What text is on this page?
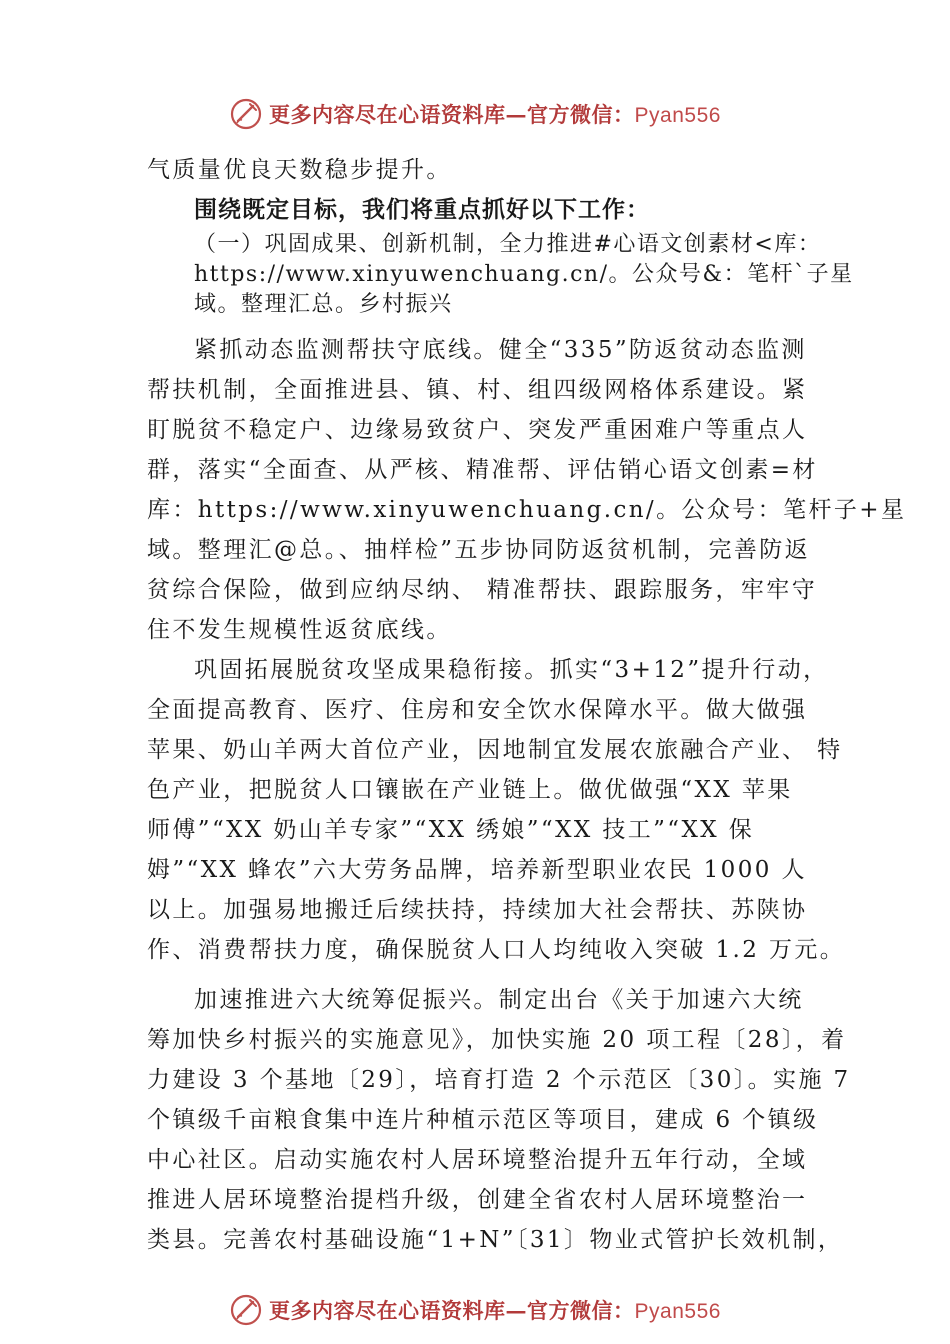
更多内容尽在心语资料库—官方微信：Pyan556
气质量优良天数稳步提升。
围绕既定目标，我们将重点抓好以下工作：
（一）巩固成果、创新机制，全力推进#心语文创素材<库：
https://www.xinyuwenchuang.cn/。公众号&：笔杆`子星
域。整理汇总。乡村振兴
紧抓动态监测帮扶守底线。健全“335”防返贫动态监测
帮扶机制，全面推进县、镇、村、组四级网格体系建设。紧
盯脱贫不稳定户、边缘易致贫户、突发严重困难户等重点人
群，落实“全面查、从严核、精准帮、评估销心语文创素=材
库：https://www.xinyuwenchuang.cn/。公众号：笔杆子+星
域。整理汇@总。、抽样检”五步协同防返贫机制，完善防返
贫综合保险，做到应纳尽纳、 精准帮扶、跟踪服务，牢牢守
住不发生规模性返贫底线。
巩固拓展脱贫攻坚成果稳衔接。抓实“3+12”提升行动，
全面提高教育、医疗、住房和安全饮水保障水平。做大做强
苹果、奶山羊两大首位产业，因地制宜发展农旅融合产业、 特
色产业，把脱贫人口镶嵌在产业链上。做优做强“XX 苹果
师傅”“XX 奶山羊专家”“XX 绣娘”“XX 技工”“XX 保
姆”“XX 蜂农”六大劳务品牌，培养新型职业农民 1000 人
以上。加强易地搬迁后续扶持，持续加大社会帮扶、苏陕协
作、消费帮扶力度，确保脱贫人口人均纯收入突破 1.2 万元。
加速推进六大统筹促振兴。制定出台《关于加速六大统
筹加快乡村振兴的实施意见》，加快实施 20 项工程〔28〕，着
力建设 3 个基地〔29〕，培育打造 2 个示范区〔30〕。实施 7
个镇级千亩粮食集中连片种植示范区等项目，建成 6 个镇级
中心社区。启动实施农村人居环境整治提升五年行动，全域
推进人居环境整治提档升级，创建全省农村人居环境整治一
类县。完善农村基础设施“1+N”〔31〕物业式管护长效机制，
更多内容尽在心语资料库—官方微信：Pyan556
